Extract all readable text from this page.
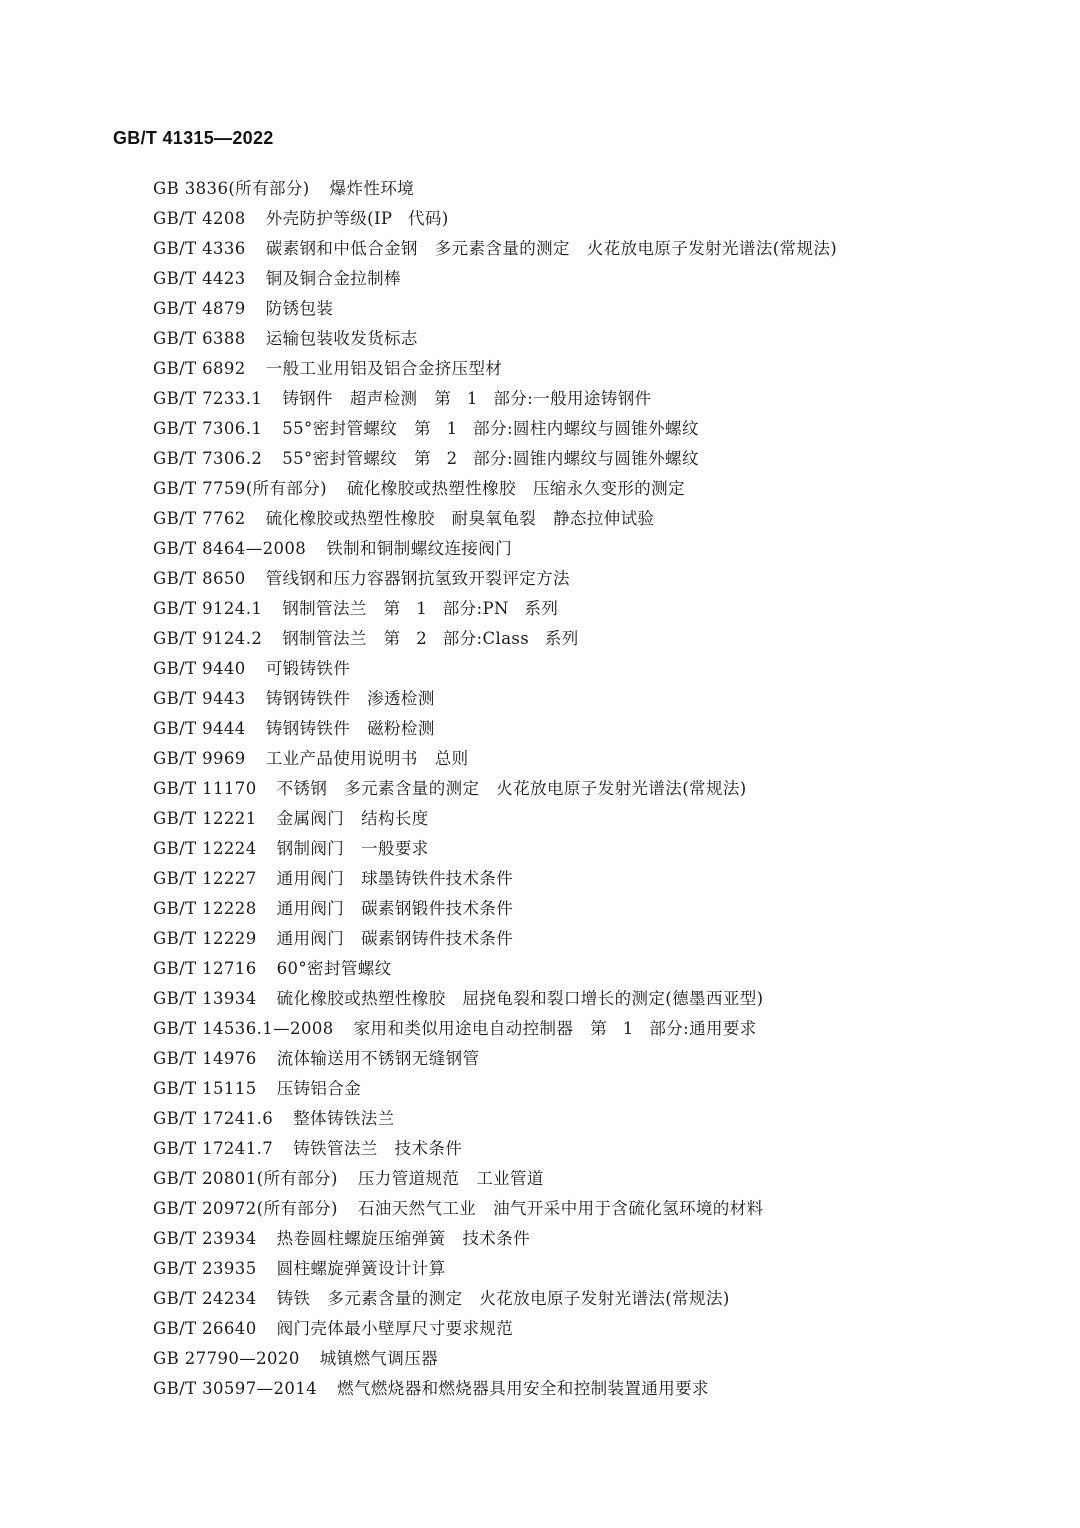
GB/T 41315—2022
GB 3836(所有部分) 爆炸性环境
GB/T 4208 外壳防护等级(IP 代码)
GB/T 4336 碳素钢和中低合金钢　多元素含量的测定　火花放电原子发射光谱法(常规法)
GB/T 4423 铜及铜合金拉制棒
GB/T 4879 防锈包装
GB/T 6388 运输包装收发货标志
GB/T 6892 一般工业用铝及铝合金挤压型材
GB/T 7233.1 铸钢件　超声检测　第 1 部分:一般用途铸钢件
GB/T 7306.1 55°密封管螺纹　第 1 部分:圆柱内螺纹与圆锥外螺纹
GB/T 7306.2 55°密封管螺纹　第 2 部分:圆锥内螺纹与圆锥外螺纹
GB/T 7759(所有部分) 硫化橡胶或热塑性橡胶　压缩永久变形的测定
GB/T 7762 硫化橡胶或热塑性橡胶　耐臭氧龟裂　静态拉伸试验
GB/T 8464—2008 铁制和铜制螺纹连接阀门
GB/T 8650 管线钢和压力容器钢抗氢致开裂评定方法
GB/T 9124.1 钢制管法兰　第 1 部分:PN 系列
GB/T 9124.2 钢制管法兰　第 2 部分:Class 系列
GB/T 9440 可锻铸铁件
GB/T 9443 铸钢铸铁件　渗透检测
GB/T 9444 铸钢铸铁件　磁粉检测
GB/T 9969 工业产品使用说明书　总则
GB/T 11170 不锈钢　多元素含量的测定　火花放电原子发射光谱法(常规法)
GB/T 12221 金属阀门　结构长度
GB/T 12224 钢制阀门　一般要求
GB/T 12227 通用阀门　球墨铸铁件技术条件
GB/T 12228 通用阀门　碳素钢锻件技术条件
GB/T 12229 通用阀门　碳素钢铸件技术条件
GB/T 12716 60°密封管螺纹
GB/T 13934 硫化橡胶或热塑性橡胶　屈挠龟裂和裂口增长的测定(德墨西亚型)
GB/T 14536.1—2008 家用和类似用途电自动控制器　第 1 部分:通用要求
GB/T 14976 流体输送用不锈钢无缝钢管
GB/T 15115 压铸铝合金
GB/T 17241.6 整体铸铁法兰
GB/T 17241.7 铸铁管法兰　技术条件
GB/T 20801(所有部分) 压力管道规范　工业管道
GB/T 20972(所有部分) 石油天然气工业　油气开采中用于含硫化氢环境的材料
GB/T 23934 热卷圆柱螺旋压缩弹簧　技术条件
GB/T 23935 圆柱螺旋弹簧设计计算
GB/T 24234 铸铁　多元素含量的测定　火花放电原子发射光谱法(常规法)
GB/T 26640 阀门壳体最小壁厚尺寸要求规范
GB 27790—2020 城镇燃气调压器
GB/T 30597—2014 燃气燃烧器和燃烧器具用安全和控制装置通用要求
